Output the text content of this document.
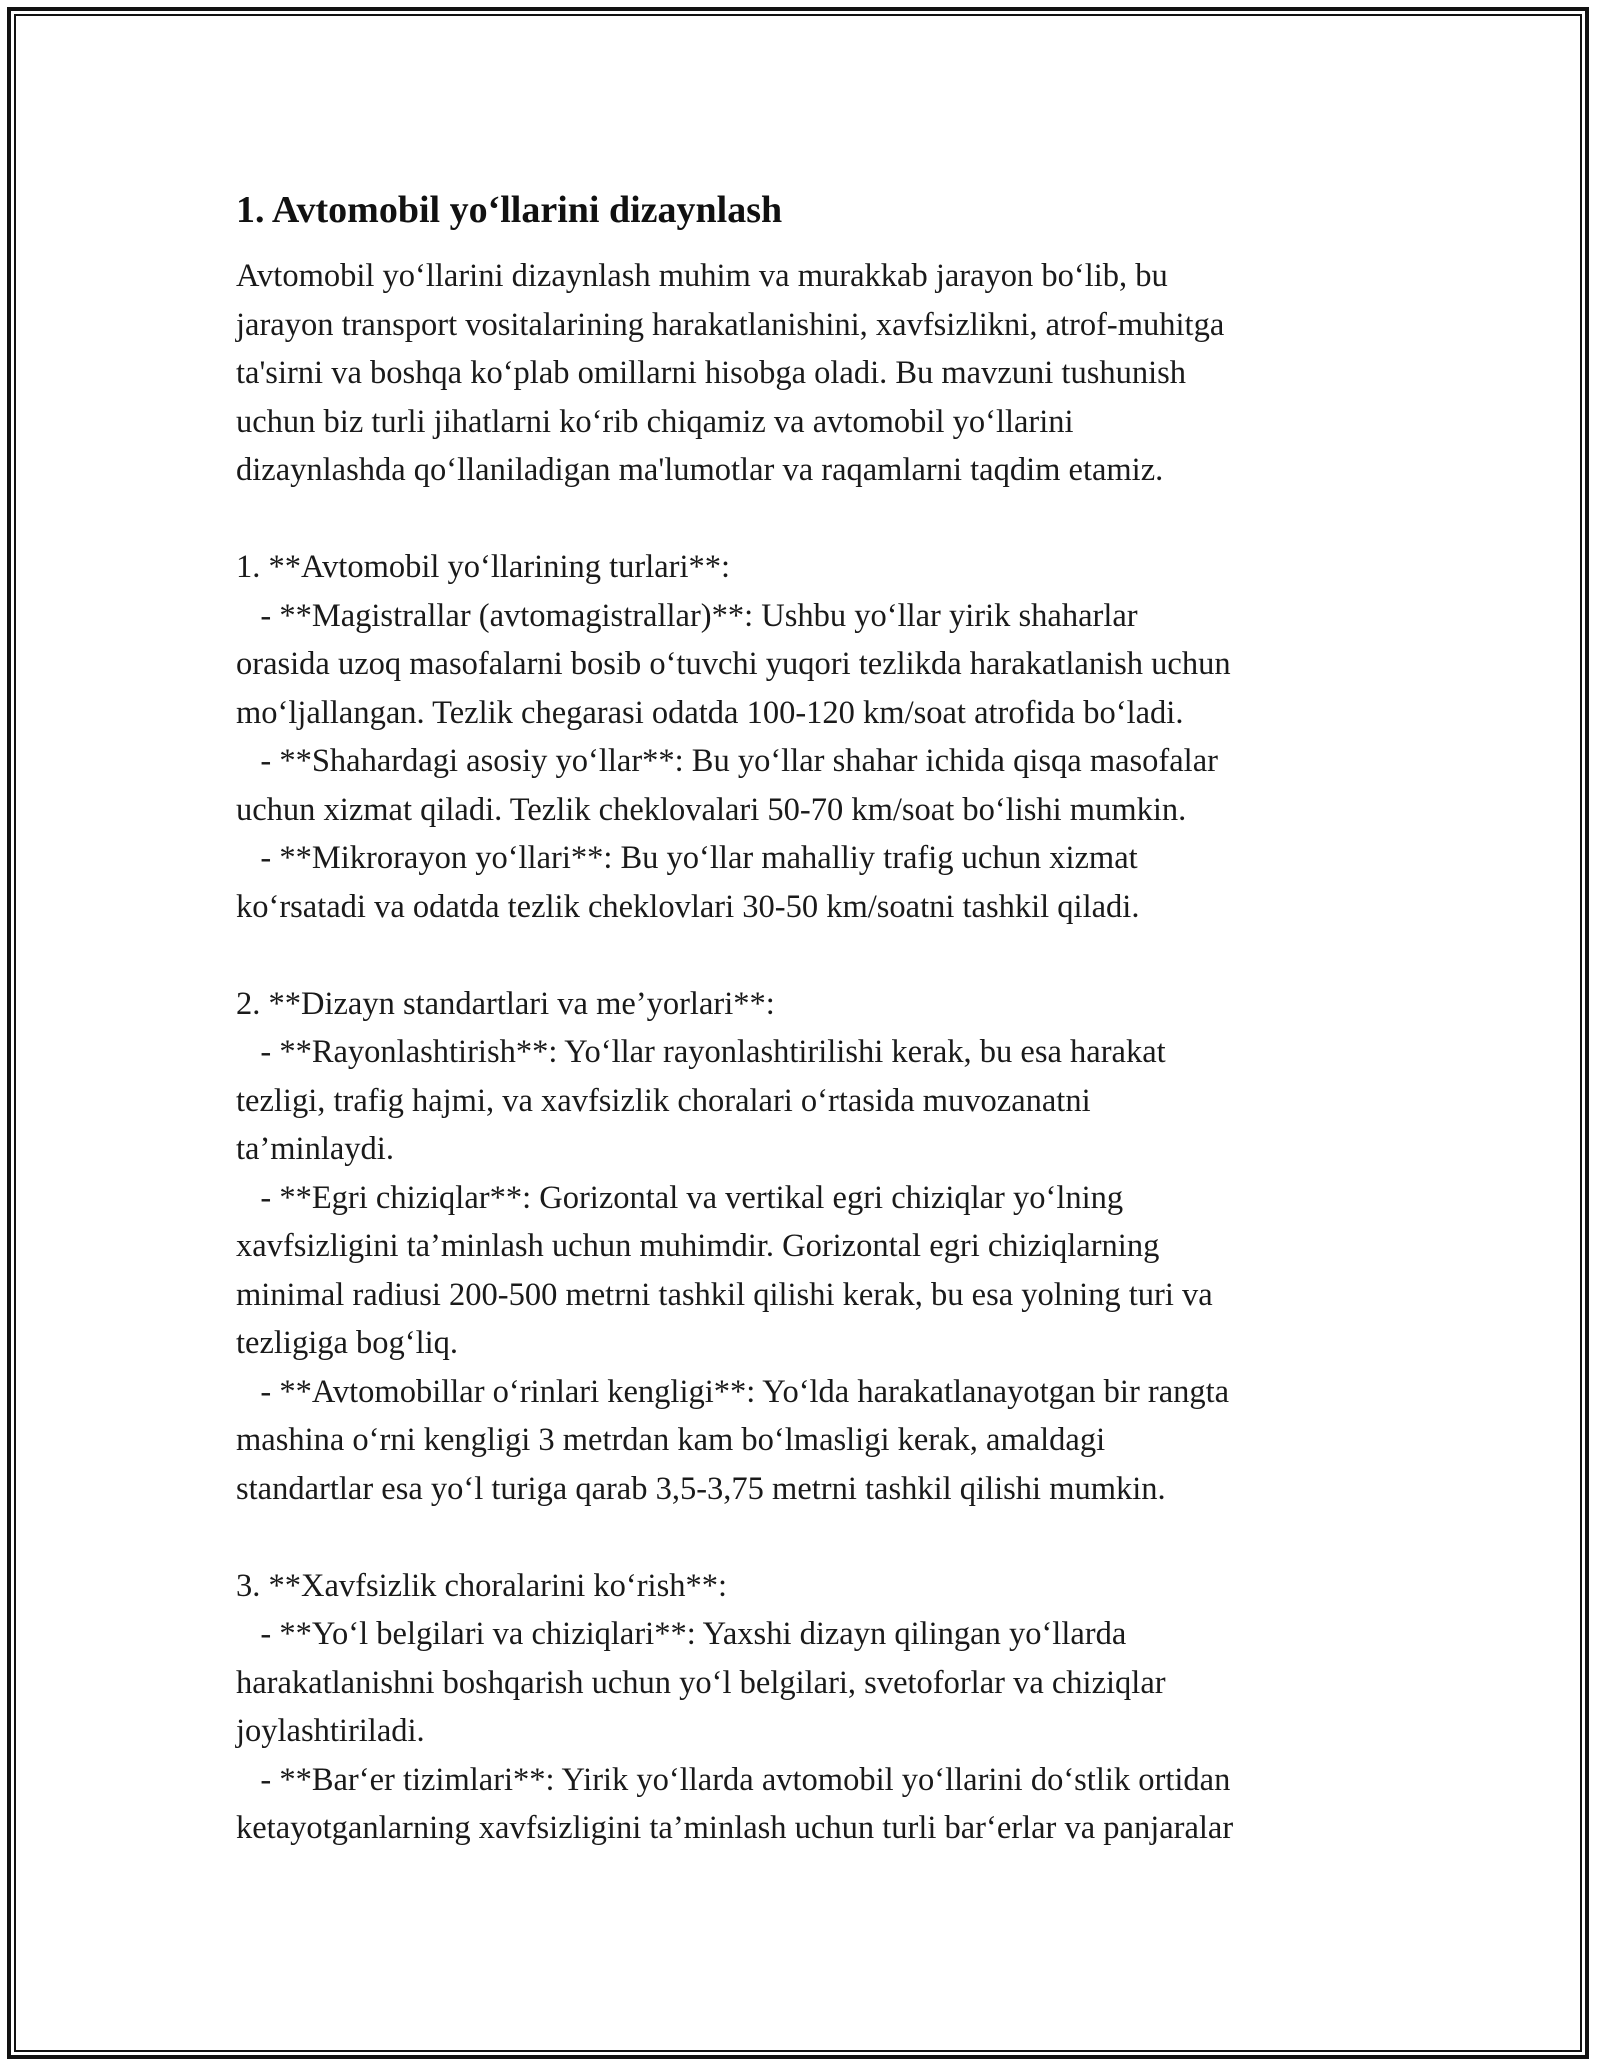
1. Avtomobil yo‘llarini dizaynlash

Avtomobil yo‘llarini dizaynlash muhim va murakkab jarayon bo‘lib, bu
jarayon transport vositalarining harakatlanishini, xavfsizlikni, atrof-muhitga
ta'sirni va boshqa ko‘plab omillarni hisobga oladi. Bu mavzuni tushunish
uchun biz turli jihatlarni ko‘rib chiqamiz va avtomobil yo‘llarini
dizaynlashda qo‘llaniladigan ma'lumotlar va raqamlarni taqdim etamiz.

1. **Avtomobil yo‘llarining turlari**:
- **Magistrallar (avtomagistrallar)**: Ushbu yo‘llar yirik shaharlar
orasida uzoq masofalarni bosib o‘tuvchi yuqori tezlikda harakatlanish uchun
mo‘ljallangan. Tezlik chegarasi odatda 100-120 km/soat atrofida bo‘ladi.
- **Shahardagi asosiy yo‘llar**: Bu yo‘llar shahar ichida qisqa masofalar
uchun xizmat qiladi. Tezlik cheklovalari 50-70 km/soat bo‘lishi mumkin.
- **Mikrorayon yo‘llari**: Bu yo‘llar mahalliy trafig uchun xizmat
ko‘rsatadi va odatda tezlik cheklovlari 30-50 km/soatni tashkil qiladi.

2. **Dizayn standartlari va me’yorlari**:
- **Rayonlashtirish**: Yo‘llar rayonlashtirilishi kerak, bu esa harakat
tezligi, trafig hajmi, va xavfsizlik choralari o‘rtasida muvozanatni
ta’minlaydi.
- **Egri chiziqlar**: Gorizontal va vertikal egri chiziqlar yo‘lning
xavfsizligini ta’minlash uchun muhimdir. Gorizontal egri chiziqlarning
minimal radiusi 200-500 metrni tashkil qilishi kerak, bu esa yolning turi va
tezligiga bog‘liq.
- **Avtomobillar o‘rinlari kengligi**: Yo‘lda harakatlanayotgan bir rangta
mashina o‘rni kengligi 3 metrdan kam bo‘lmasligi kerak, amaldagi
standartlar esa yo‘l turiga qarab 3,5-3,75 metrni tashkil qilishi mumkin.

3. **Xavfsizlik choralarini ko‘rish**:
- **Yo‘l belgilari va chiziqlari**: Yaxshi dizayn qilingan yo‘llarda
harakatlanishni boshqarish uchun yo‘l belgilari, svetoforlar va chiziqlar
joylashtiriladi.
- **Bar‘er tizimlari**: Yirik yo‘llarda avtomobil yo‘llarini do‘stlik ortidan
ketayotganlarning xavfsizligini ta’minlash uchun turli bar‘erlar va panjaralar
